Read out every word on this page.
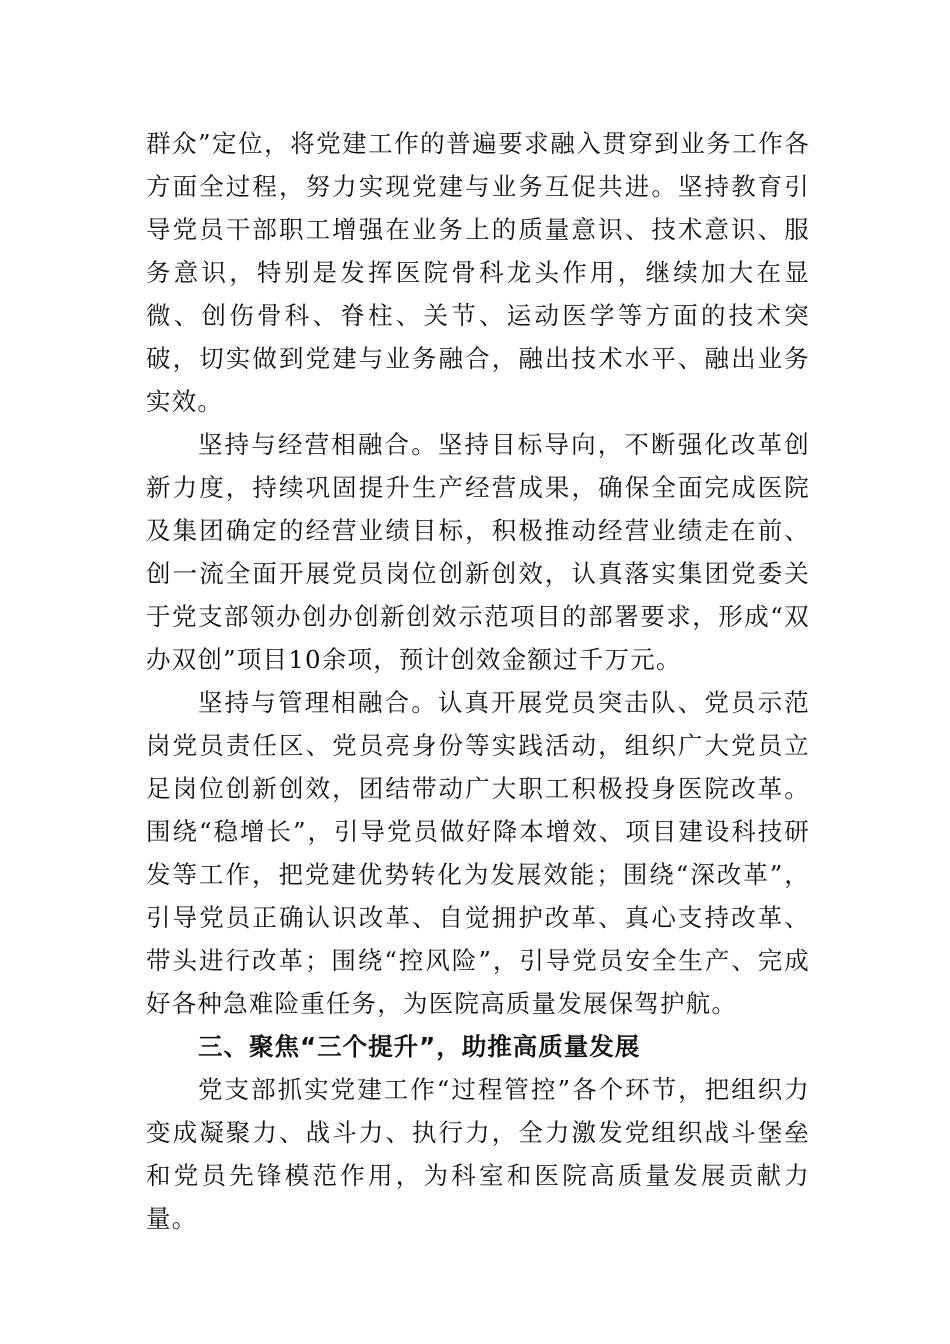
群众”定位，将党建工作的普遍要求融入贯穿到业务工作各方面全过程，努力实现党建与业务互促共进。坚持教育引导党员干部职工增强在业务上的质量意识、技术意识、服务意识，特别是发挥医院骨科龙头作用，继续加大在显微、创伤骨科、脊柱、关节、运动医学等方面的技术突破，切实做到党建与业务融合，融出技术水平、融出业务实效。

坚持与经营相融合。坚持目标导向，不断强化改革创新力度，持续巩固提升生产经营成果，确保全面完成医院及集团确定的经营业绩目标，积极推动经营业绩走在前、创一流全面开展党员岗位创新创效，认真落实集团党委关于党支部领办创办创新创效示范项目的部署要求，形成“双办双创”项目10余项，预计创效金额过千万元。

坚持与管理相融合。认真开展党员突击队、党员示范岗党员责任区、党员亮身份等实践活动，组织广大党员立足岗位创新创效，团结带动广大职工积极投身医院改革。围绕“稳增长”，引导党员做好降本增效、项目建设科技研发等工作，把党建优势转化为发展效能；围绕“深改革”，引导党员正确认识改革、自觉拥护改革、真心支持改革、带头进行改革；围绕“控风险”，引导党员安全生产、完成好各种急难险重任务，为医院高质量发展保驾护航。

三、聚焦“三个提升”，助推高质量发展

党支部抓实党建工作“过程管控”各个环节，把组织力变成凝聚力、战斗力、执行力，全力激发党组织战斗堡垒和党员先锋模范作用，为科室和医院高质量发展贡献力量。
